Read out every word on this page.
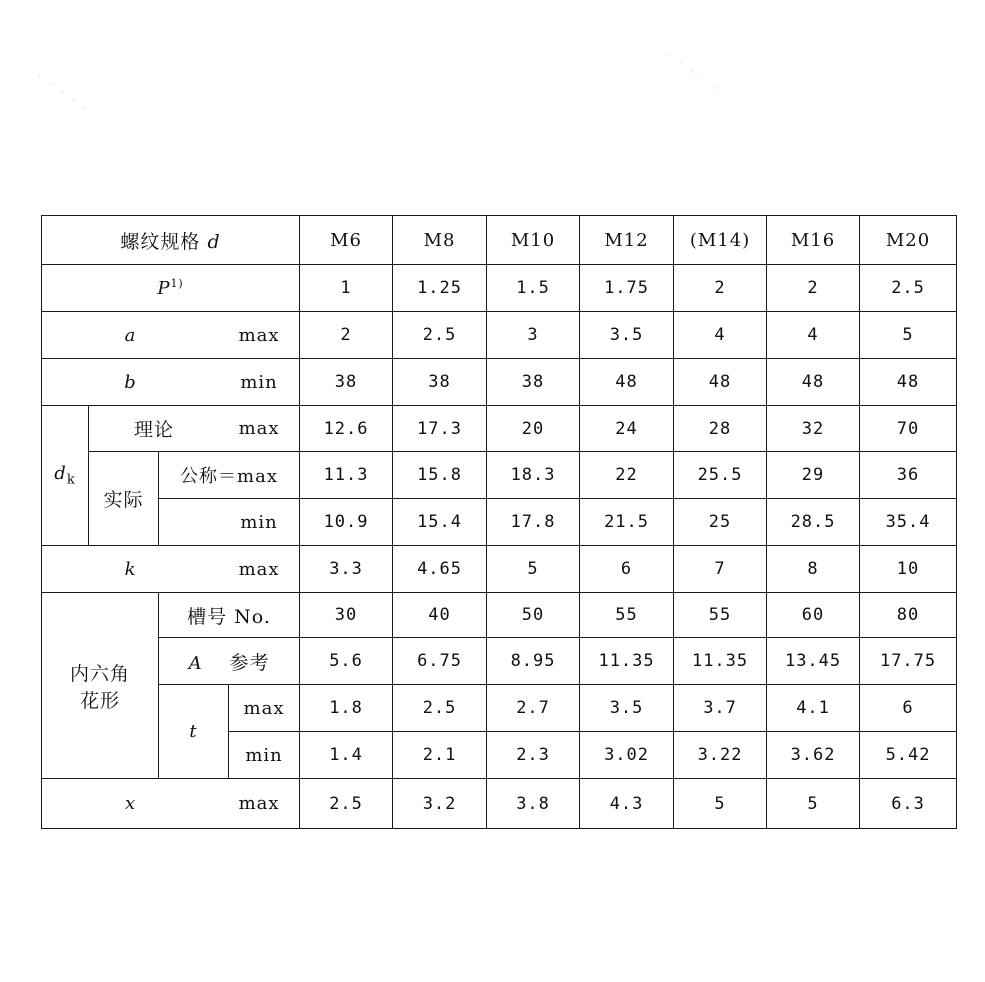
· · · · ·	· · · · ·
螺纹规格 d				M6	M8	M10	M12	(M14)	M16	M20
$P^{1)}$				1	1.25	1.5	1.75	2	2	2.5

a max				2	2.5	3	3.5	4	4	5

b min				38	38	38	48	48	48	48
$d_k$	理论 max			12.6	17.3	20	24	28	32	70
	实际	公称＝max		11.3	15.8	18.3	22	25.5	29	36

		min		10.9	15.4	17.8	21.5	25	28.5	35.4

k max				3.3	4.65	5	6	7	8	10

内六角
花形		槽号 No.		30	40	50	55	55	60	80
		A 参考		5.6	6.75	8.95	11.35	11.35	13.45	17.75
		t	max	1.8	2.5	2.7	3.5	3.7	4.1	6
			min	1.4	2.1	2.3	3.02	3.22	3.62	5.42

x max				2.5	3.2	3.8	4.3	5	5	6.3
